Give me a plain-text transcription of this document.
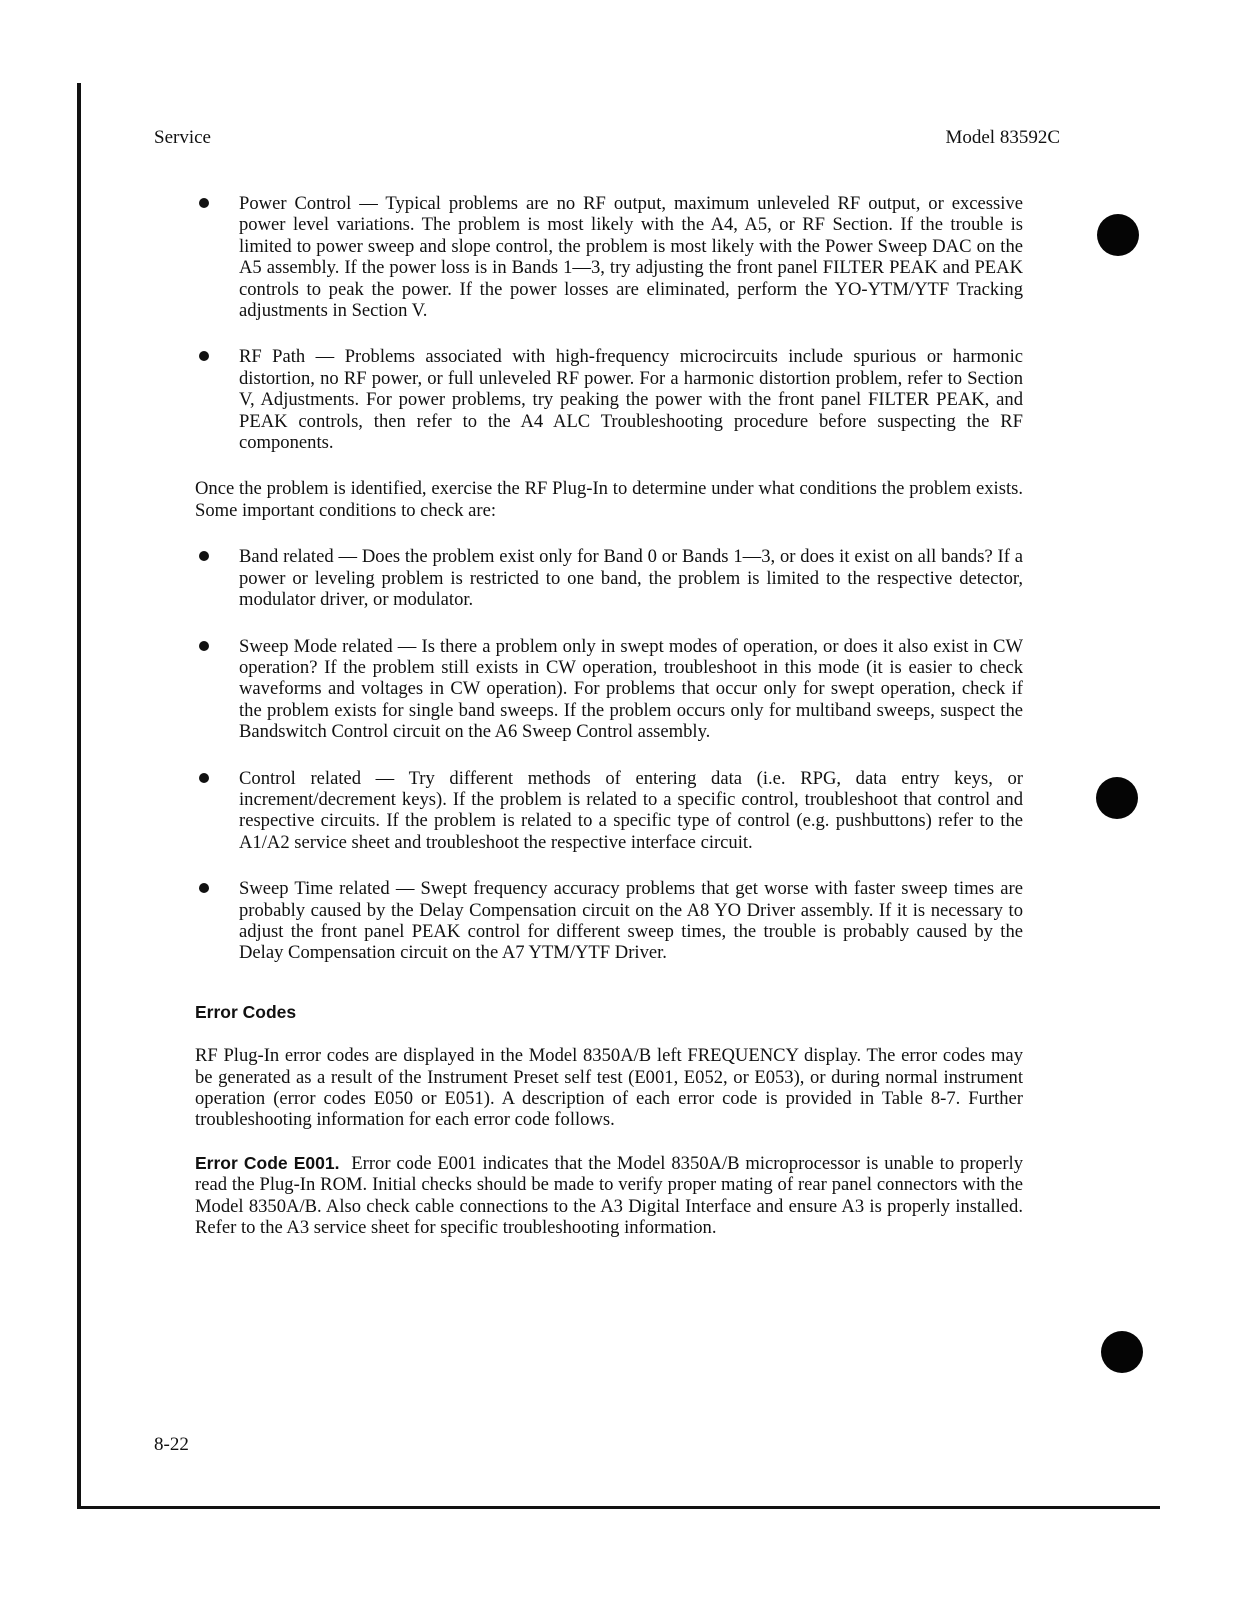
Service	Model 83592C

Power Control — Typical problems are no RF output, maximum unleveled RF output, or excessive power level variations. The problem is most likely with the A4, A5, or RF Section. If the trouble is limited to power sweep and slope control, the problem is most likely with the Power Sweep DAC on the A5 assembly. If the power loss is in Bands 1—3, try adjusting the front panel FILTER PEAK and PEAK controls to peak the power. If the power losses are eliminated, perform the YO-YTM/YTF Tracking adjustments in Section V.

RF Path — Problems associated with high-frequency microcircuits include spurious or harmonic distortion, no RF power, or full unleveled RF power. For a harmonic distortion problem, refer to Section V, Adjustments. For power problems, try peaking the power with the front panel FILTER PEAK, and PEAK controls, then refer to the A4 ALC Troubleshooting procedure before suspecting the RF components.

Once the problem is identified, exercise the RF Plug-In to determine under what conditions the problem exists. Some important conditions to check are:

Band related — Does the problem exist only for Band 0 or Bands 1—3, or does it exist on all bands? If a power or leveling problem is restricted to one band, the problem is limited to the respective detector, modulator driver, or modulator.

Sweep Mode related — Is there a problem only in swept modes of operation, or does it also exist in CW operation? If the problem still exists in CW operation, troubleshoot in this mode (it is easier to check waveforms and voltages in CW operation). For problems that occur only for swept operation, check if the problem exists for single band sweeps. If the problem occurs only for multiband sweeps, suspect the Bandswitch Control circuit on the A6 Sweep Control assembly.

Control related — Try different methods of entering data (i.e. RPG, data entry keys, or increment/decrement keys). If the problem is related to a specific control, troubleshoot that control and respective circuits. If the problem is related to a specific type of control (e.g. pushbuttons) refer to the A1/A2 service sheet and troubleshoot the respective interface circuit.

Sweep Time related — Swept frequency accuracy problems that get worse with faster sweep times are probably caused by the Delay Compensation circuit on the A8 YO Driver assembly. If it is necessary to adjust the front panel PEAK control for different sweep times, the trouble is probably caused by the Delay Compensation circuit on the A7 YTM/YTF Driver.

Error Codes

RF Plug-In error codes are displayed in the Model 8350A/B left FREQUENCY display. The error codes may be generated as a result of the Instrument Preset self test (E001, E052, or E053), or during normal instrument operation (error codes E050 or E051). A description of each error code is provided in Table 8-7. Further troubleshooting information for each error code follows.

Error Code E001. Error code E001 indicates that the Model 8350A/B microprocessor is unable to properly read the Plug-In ROM. Initial checks should be made to verify proper mating of rear panel connectors with the Model 8350A/B. Also check cable connections to the A3 Digital Interface and ensure A3 is properly installed. Refer to the A3 service sheet for specific troubleshooting information.

8-22
